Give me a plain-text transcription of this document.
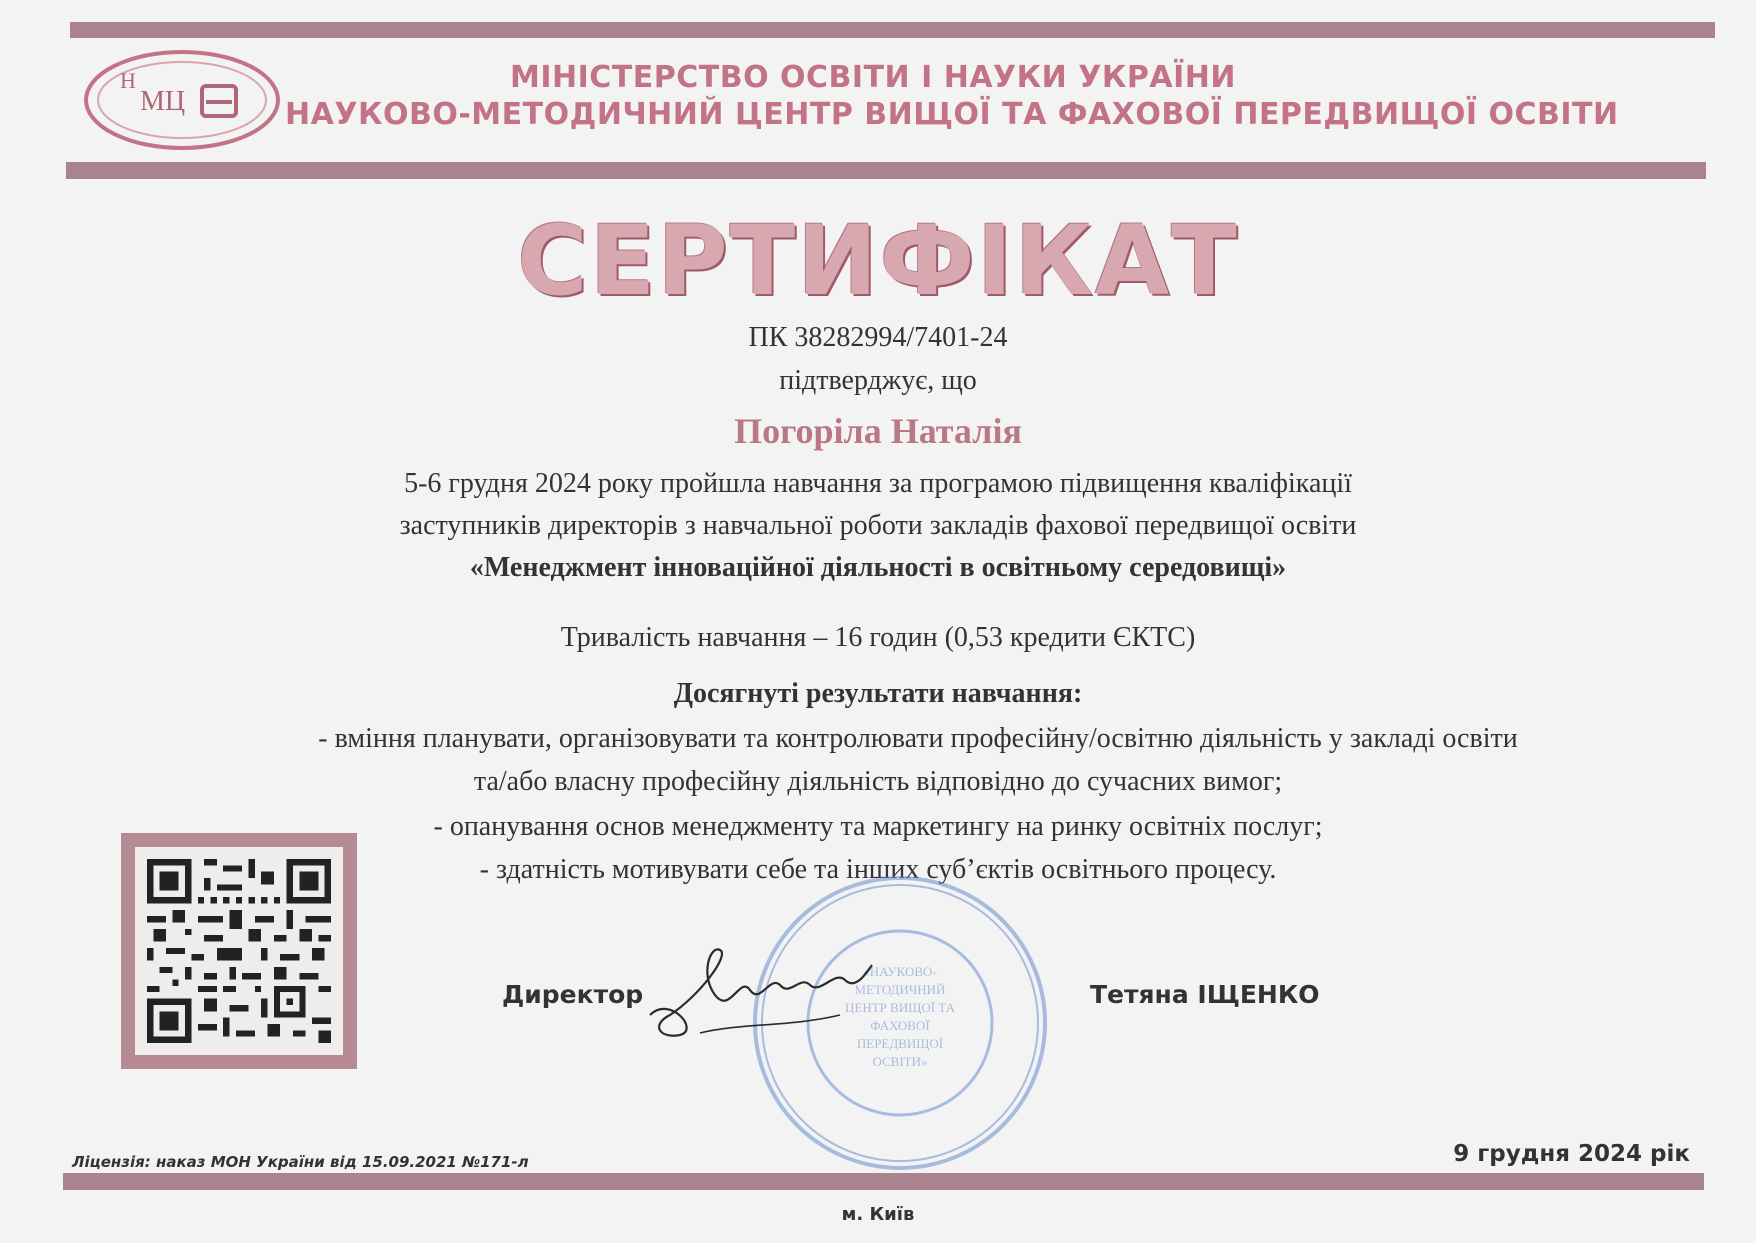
Н
МЦ
МІНІСТЕРСТВО ОСВІТИ І НАУКИ УКРАЇНИ
НАУКОВО-МЕТОДИЧНИЙ ЦЕНТР ВИЩОЇ ТА ФАХОВОЇ ПЕРЕДВИЩОЇ ОСВІТИ
СЕРТИФІКАТ
ПК 38282994/7401-24
підтверджує, що
Погоріла Наталія
5-6 грудня 2024 року пройшла навчання за програмою підвищення кваліфікації
заступників директорів з навчальної роботи закладів фахової передвищої освіти
«Менеджмент інноваційної діяльності в освітньому середовищі»
Тривалість навчання – 16 годин (0,53 кредити ЄКТС)
Досягнуті результати навчання:
- вміння планувати, організовувати та контролювати професійну/освітню діяльність у закладі освіти
та/або власну професійну діяльність відповідно до сучасних вимог;
- опанування основ менеджменту та маркетингу на ринку освітніх послуг;
- здатність мотивувати себе та інших суб’єктів освітнього процесу.
Директор
«НАУКОВО-
МЕТОДИЧНИЙ
ЦЕНТР ВИЩОЇ ТА
ФАХОВОЇ
ПЕРЕДВИЩОЇ
ОСВІТИ»
Тетяна ІЩЕНКО
Ліцензія: наказ МОН України від 15.09.2021 №171-л	9 грудня 2024 рік
м. Київ
